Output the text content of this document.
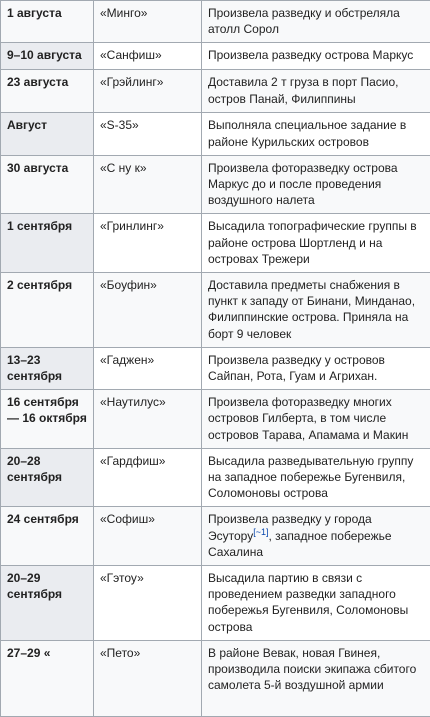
1 августа	«Минго»	Произвела разведку и обстреляла атолл Сорол
9–10 августа	«Санфиш»	Произвела разведку острова Маркус
23 августа	«Грэйлинг»	Доставила 2 т груза в порт Пасио, остров Панай, Филиппины
Август	«S-35»	Выполняла специальное задание в районе Курильских островов
30 августа	«С ну к»	Произвела фоторазведку острова Маркус до и после проведения воздушного налета
1 сентября	«Гринлинг»	Высадила топографические группы в районе острова Шортленд и на островах Трежери
2 сентября	«Боуфин»	Доставила предметы снабжения в пункт к западу от Бинани, Минданао, Филиппинские острова. Приняла на борт 9 человек
13–23 сентября	«Гаджен»	Произвела разведку у островов Сайпан, Рота, Гуам и Агрихан.
16 сентября — 16 октября	«Наутилус»	Произвела фоторазведку многих островов Гилберта, в том числе островов Тарава, Апамама и Макин
20–28 сентября	«Гардфиш»	Высадила разведывательную группу на западное побережье Бугенвиля, Соломоновы острова
24 сентября	«Софиш»	Произвела разведку у города Эсутору[~1], западное побережье Сахалина
20–29 сентября	«Гэтоу»	Высадила партию в связи с проведением разведки западного побережья Бугенвиля, Соломоновы острова
27–29 «	«Пето»	В районе Вевак, новая Гвинея, производила поиски экипажа сбитого самолета 5-й воздушной армии
